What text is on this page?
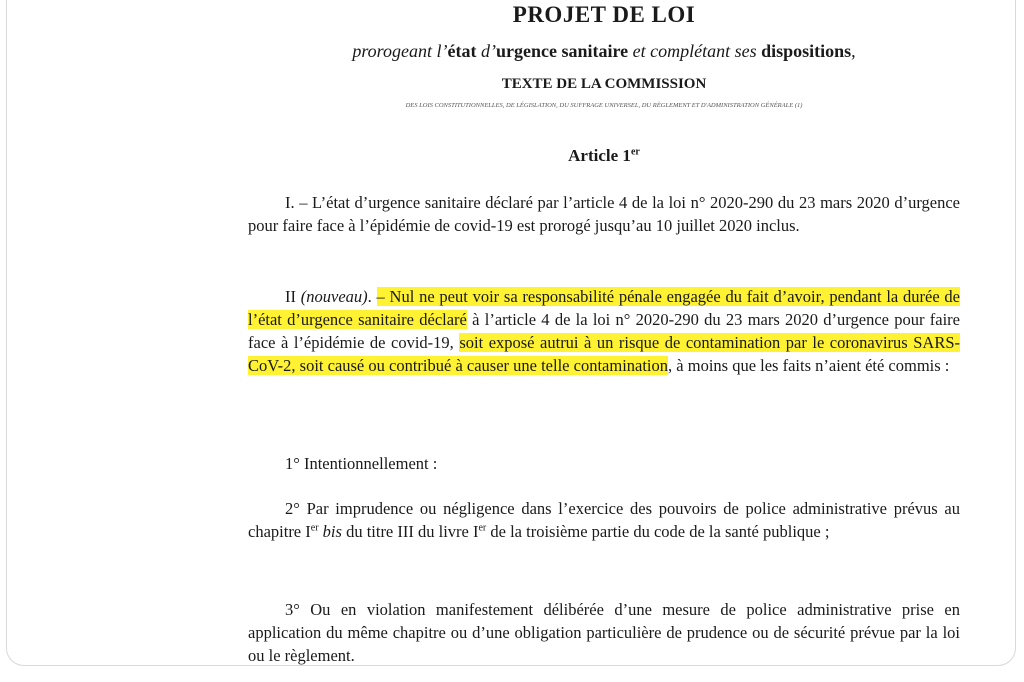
PROJET DE LOI
prorogeant l’état d’urgence sanitaire et complétant ses dispositions,
TEXTE DE LA COMMISSION
DES LOIS CONSTITUTIONNELLES, DE LÉGISLATION, DU SUFFRAGE UNIVERSEL, DU RÈGLEMENT ET D'ADMINISTRATION GÉNÉRALE (1)
Article 1er

I. – L’état d’urgence sanitaire déclaré par l’article 4 de la loi n° 2020-290 du 23 mars 2020 d’urgence pour faire face à l’épidémie de covid-19 est prorogé jusqu’au 10 juillet 2020 inclus.

II (nouveau). – Nul ne peut voir sa responsabilité pénale engagée du fait d’avoir, pendant la durée de l’état d’urgence sanitaire déclaré à l’article 4 de la loi n° 2020-290 du 23 mars 2020 d’urgence pour faire face à l’épidémie de covid-19, soit exposé autrui à un risque de contamination par le coronavirus SARS-CoV-2, soit causé ou contribué à causer une telle contamination, à moins que les faits n’aient été commis :

1° Intentionnellement :

2° Par imprudence ou négligence dans l’exercice des pouvoirs de police administrative prévus au chapitre Ier bis du titre III du livre Ier de la troisième partie du code de la santé publique ;

3° Ou en violation manifestement délibérée d’une mesure de police administrative prise en application du même chapitre ou d’une obligation particulière de prudence ou de sécurité prévue par la loi ou le règlement.
